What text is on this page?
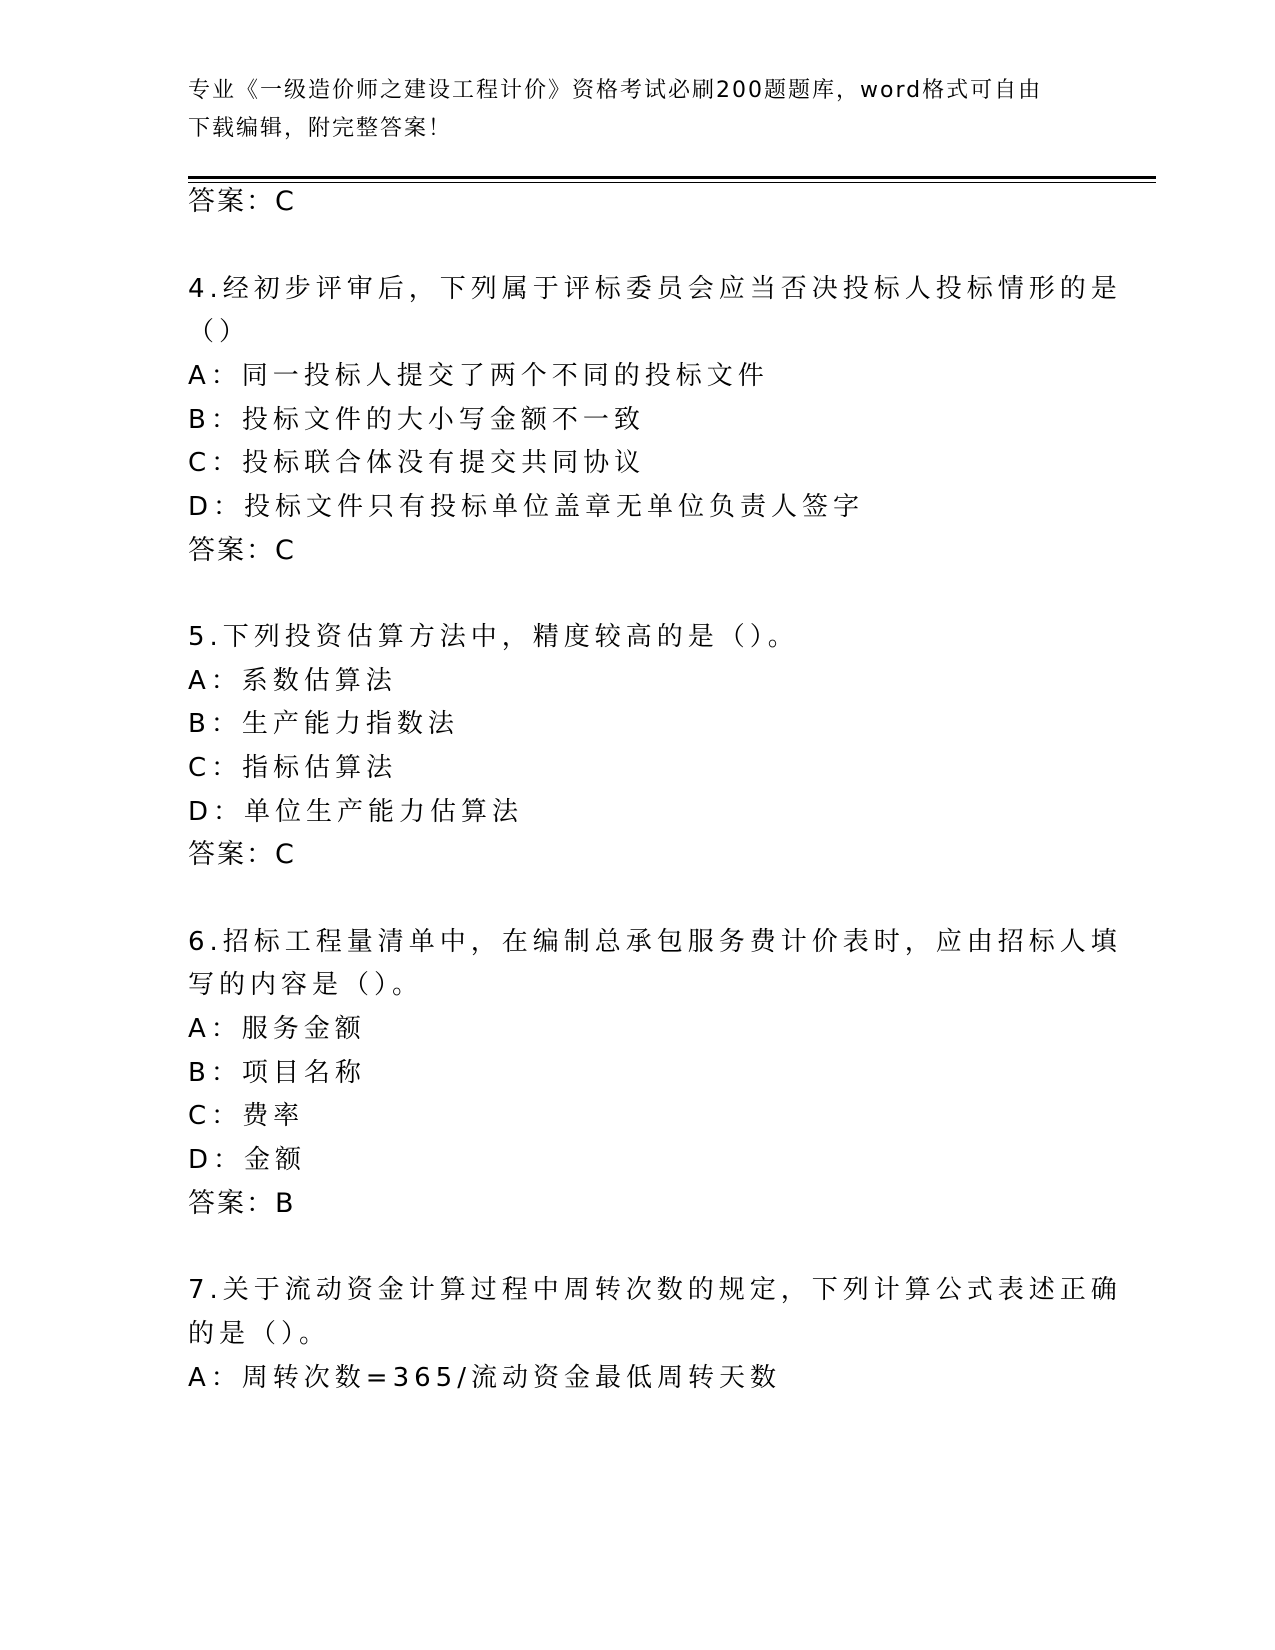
专业《一级造价师之建设工程计价》资格考试必刷200题题库，word格式可自由
下载编辑，附完整答案！
答案：C
4.经初步评审后，下列属于评标委员会应当否决投标人投标情形的是
（）
A：同一投标人提交了两个不同的投标文件
B：投标文件的大小写金额不一致
C：投标联合体没有提交共同协议
D：投标文件只有投标单位盖章无单位负责人签字
答案：C
5.下列投资估算方法中，精度较高的是（）。
A：系数估算法
B：生产能力指数法
C：指标估算法
D：单位生产能力估算法
答案：C
6.招标工程量清单中，在编制总承包服务费计价表时，应由招标人填
写的内容是（）。
A：服务金额
B：项目名称
C：费率
D：金额
答案：B
7.关于流动资金计算过程中周转次数的规定，下列计算公式表述正确
的是（）。
A：周转次数=365/流动资金最低周转天数
